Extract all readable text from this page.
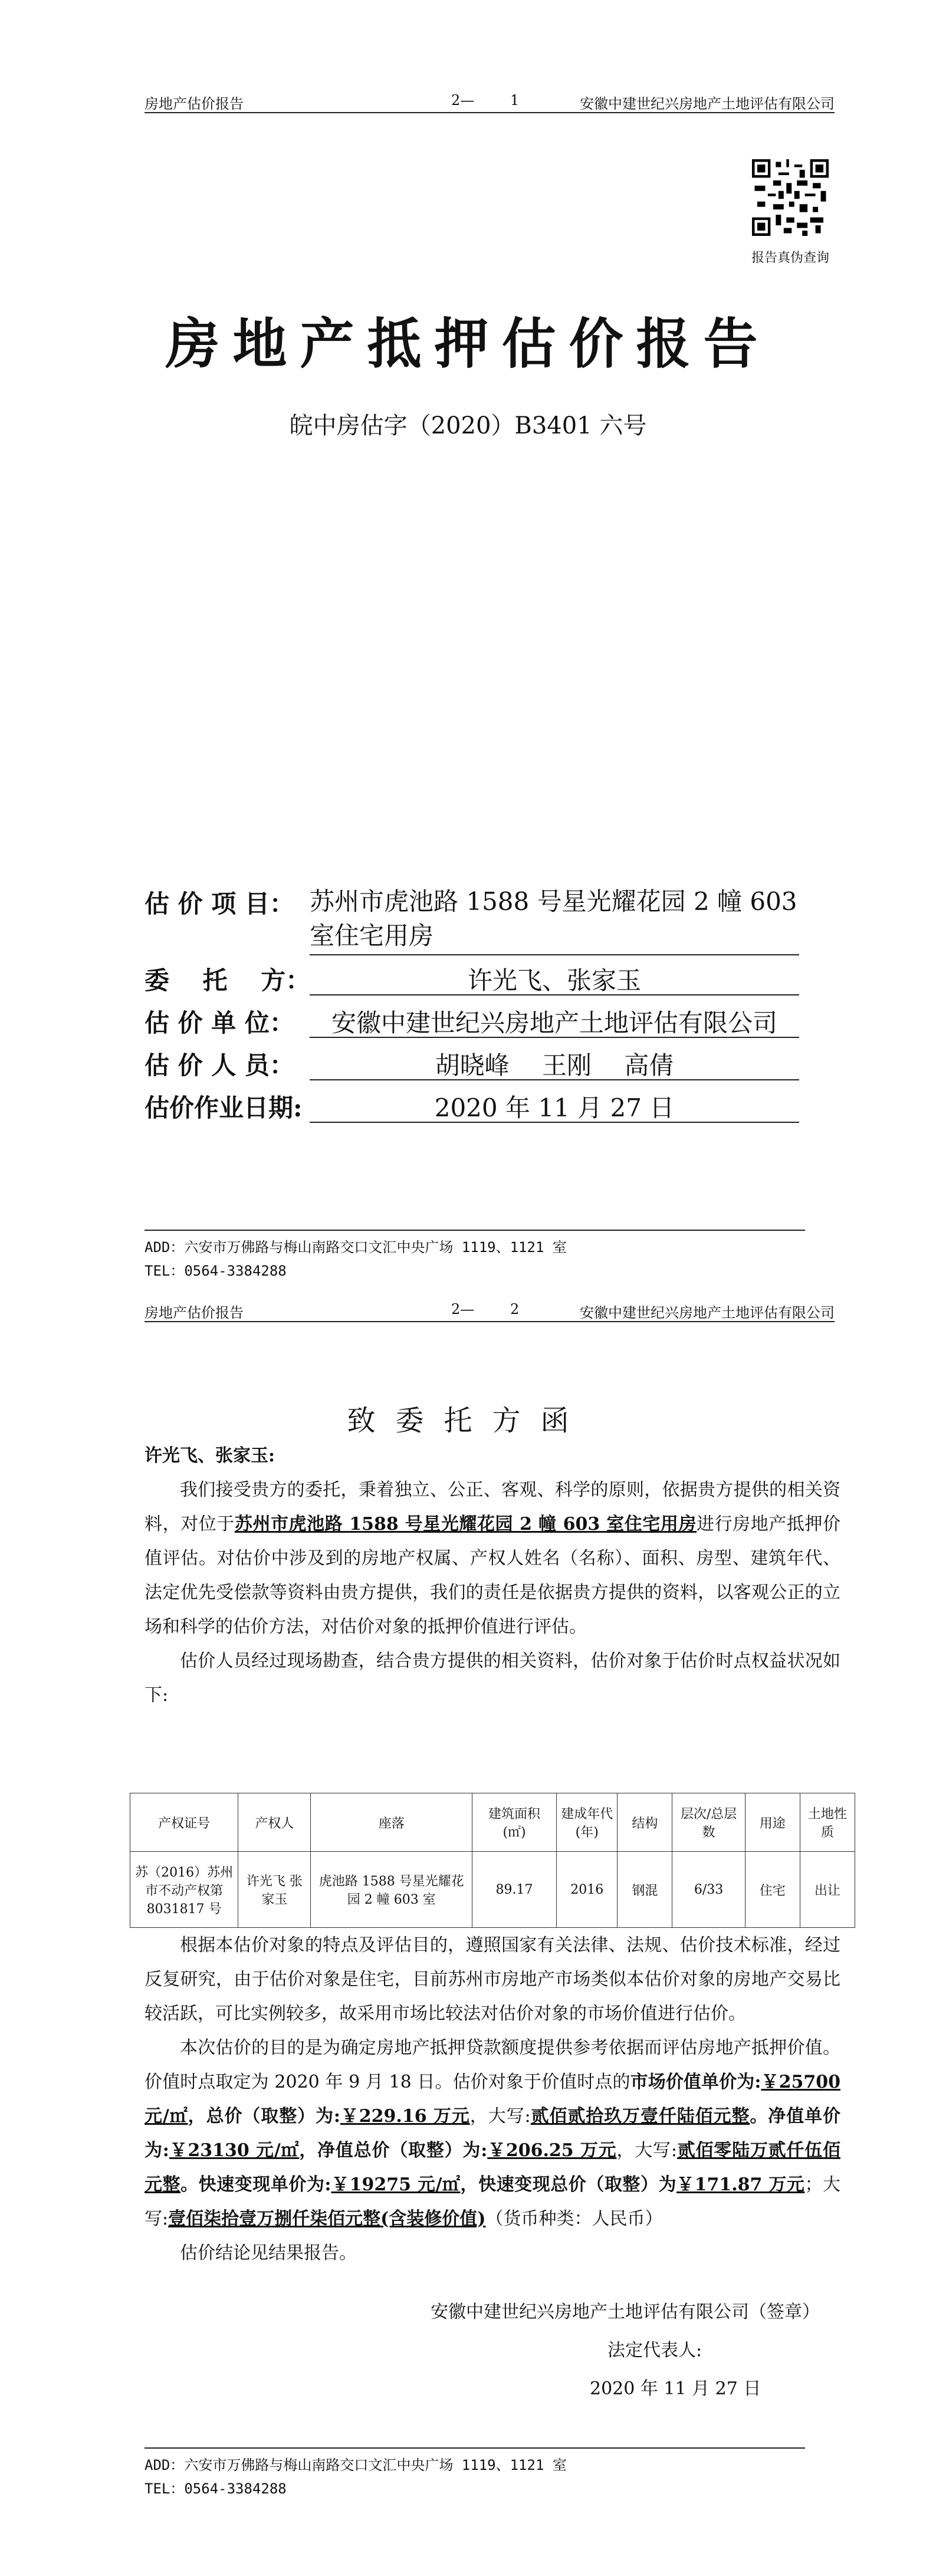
房地产估价报告	2—	1	安徽中建世纪兴房地产土地评估有限公司
报告真伪查询
房地产抵押估价报告
皖中房估字（2020）B3401 六号
估 价 项 目： 苏州市虎池路 1588 号星光耀花园 2 幢 603 室住宅用房
委　 托　 方：	许光飞、张家玉
估 价 单 位：	安徽中建世纪兴房地产土地评估有限公司
估 价 人 员：	胡晓峰　 王刚　 高倩
估价作业日期:	2020 年 11 月 27 日
ADD：六安市万佛路与梅山南路交口文汇中央广场 1119、1121 室
TEL：0564-3384288
房地产估价报告	2—	2	安徽中建世纪兴房地产土地评估有限公司
致委托方函

许光飞、张家玉:

我们接受贵方的委托，秉着独立、公正、客观、科学的原则，依据贵方提供的相关资料，对位于苏州市虎池路 1588 号星光耀花园 2 幢 603 室住宅用房进行房地产抵押价值评估。对估价中涉及到的房地产权属、产权人姓名（名称）、面积、房型、建筑年代、法定优先受偿款等资料由贵方提供，我们的责任是依据贵方提供的资料，以客观公正的立场和科学的估价方法，对估价对象的抵押价值进行评估。

估价人员经过现场勘查，结合贵方提供的相关资料，估价对象于估价时点权益状况如下:

产权证号	产权人	座落	建筑面积 (㎡)	建成年代 (年)	结构	层次/总层数	用途	土地性质
苏（2016）苏州市不动产权第 8031817 号	许光飞 张家玉	虎池路 1588 号星光耀花园 2 幢 603 室	89.17	2016	钢混	6/33	住宅	出让

根据本估价对象的特点及评估目的，遵照国家有关法律、法规、估价技术标准，经过反复研究，由于估价对象是住宅，目前苏州市房地产市场类似本估价对象的房地产交易比较活跃，可比实例较多，故采用市场比较法对估价对象的市场价值进行估价。

本次估价的目的是为确定房地产抵押贷款额度提供参考依据而评估房地产抵押价值。价值时点取定为 2020 年 9 月 18 日。估价对象于价值时点的市场价值单价为:￥25700 元/㎡，总价（取整）为:￥229.16 万元，大写:贰佰贰拾玖万壹仟陆佰元整。净值单价为:￥23130 元/㎡，净值总价（取整）为:￥206.25 万元，大写:贰佰零陆万贰仟伍佰元整。快速变现单价为:￥19275 元/㎡，快速变现总价（取整）为￥171.87 万元；大写:壹佰柒拾壹万捌仟柒佰元整(含装修价值)（货币种类：人民币）

估价结论见结果报告。

安徽中建世纪兴房地产土地评估有限公司（签章）
法定代表人:
2020 年 11 月 27 日
ADD：六安市万佛路与梅山南路交口文汇中央广场 1119、1121 室
TEL：0564-3384288
